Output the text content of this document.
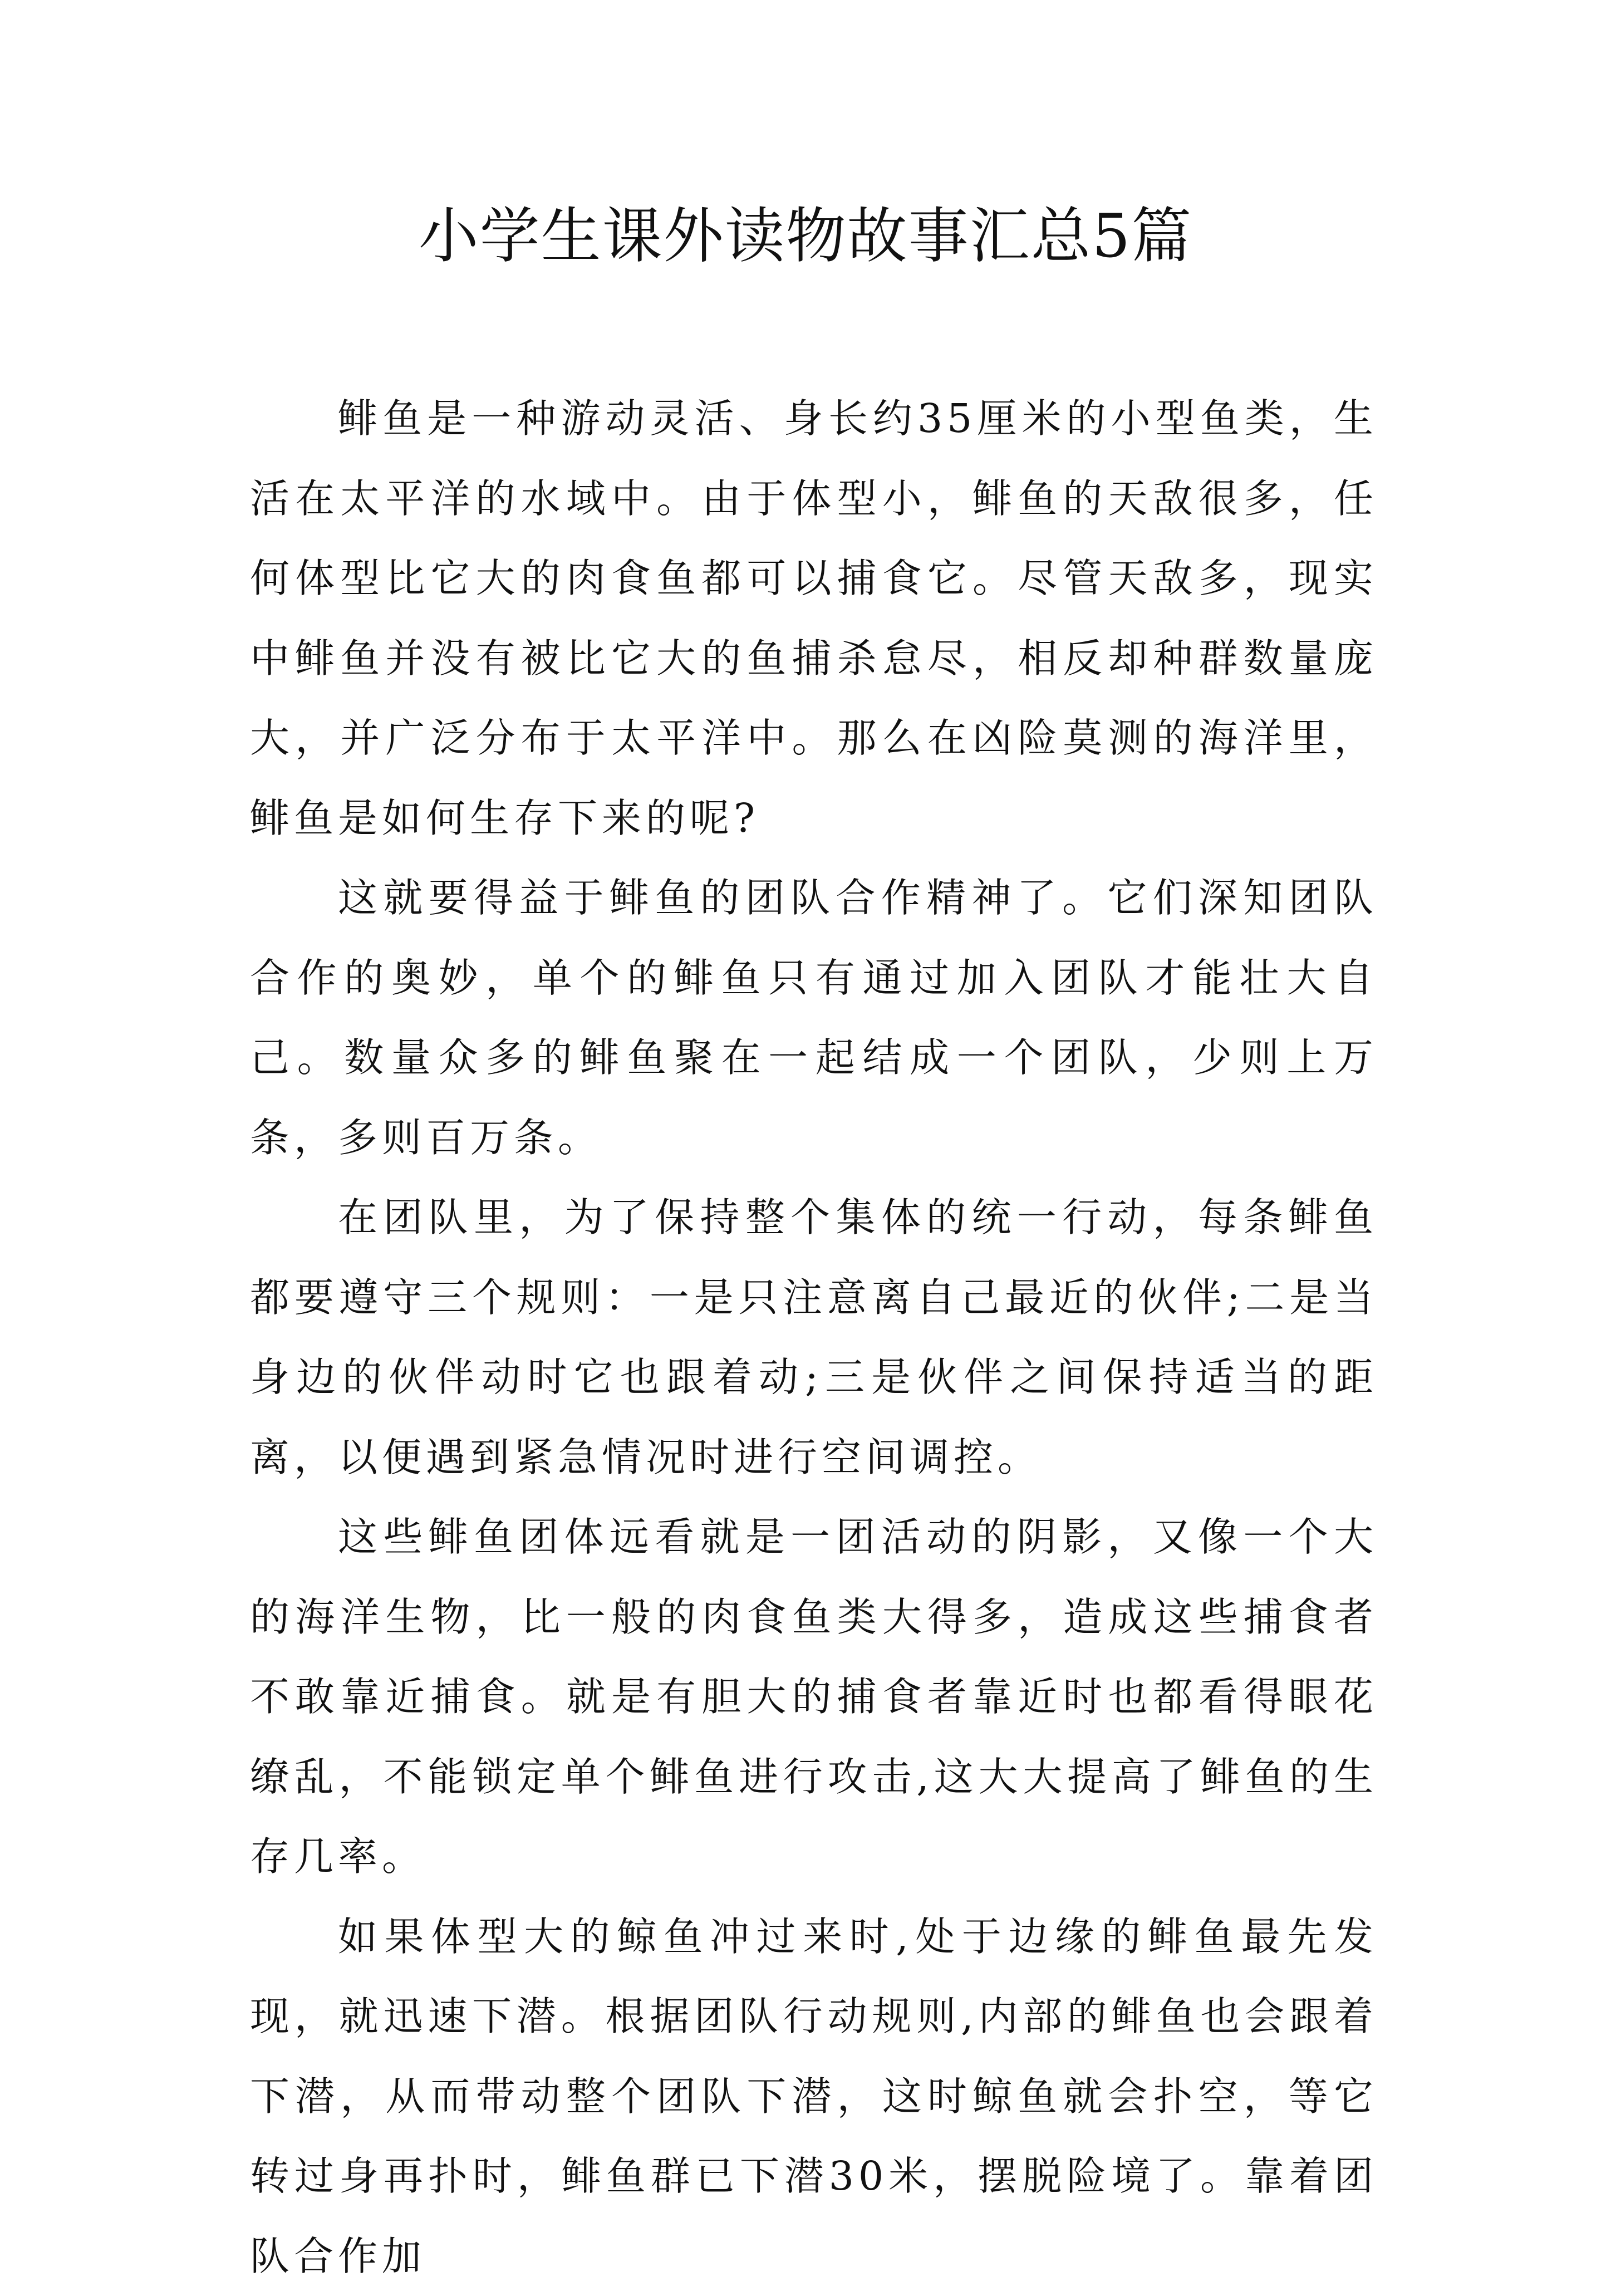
小学生课外读物故事汇总5篇

鲱鱼是一种游动灵活、身长约35厘米的小型鱼类，生活在太平洋的水域中。由于体型小，鲱鱼的天敌很多，任何体型比它大的肉食鱼都可以捕食它。尽管天敌多，现实中鲱鱼并没有被比它大的鱼捕杀怠尽，相反却种群数量庞大，并广泛分布于太平洋中。那么在凶险莫测的海洋里，鲱鱼是如何生存下来的呢?

这就要得益于鲱鱼的团队合作精神了。它们深知团队合作的奥妙，单个的鲱鱼只有通过加入团队才能壮大自己。数量众多的鲱鱼聚在一起结成一个团队，少则上万条，多则百万条。

在团队里，为了保持整个集体的统一行动，每条鲱鱼都要遵守三个规则：一是只注意离自己最近的伙伴;二是当身边的伙伴动时它也跟着动;三是伙伴之间保持适当的距离，以便遇到紧急情况时进行空间调控。

这些鲱鱼团体远看就是一团活动的阴影，又像一个大的海洋生物，比一般的肉食鱼类大得多，造成这些捕食者不敢靠近捕食。就是有胆大的捕食者靠近时也都看得眼花缭乱，不能锁定单个鲱鱼进行攻击,这大大提高了鲱鱼的生存几率。

如果体型大的鲸鱼冲过来时,处于边缘的鲱鱼最先发现，就迅速下潜。根据团队行动规则,内部的鲱鱼也会跟着下潜，从而带动整个团队下潜，这时鲸鱼就会扑空，等它转过身再扑时，鲱鱼群已下潜30米，摆脱险境了。靠着团队合作加
